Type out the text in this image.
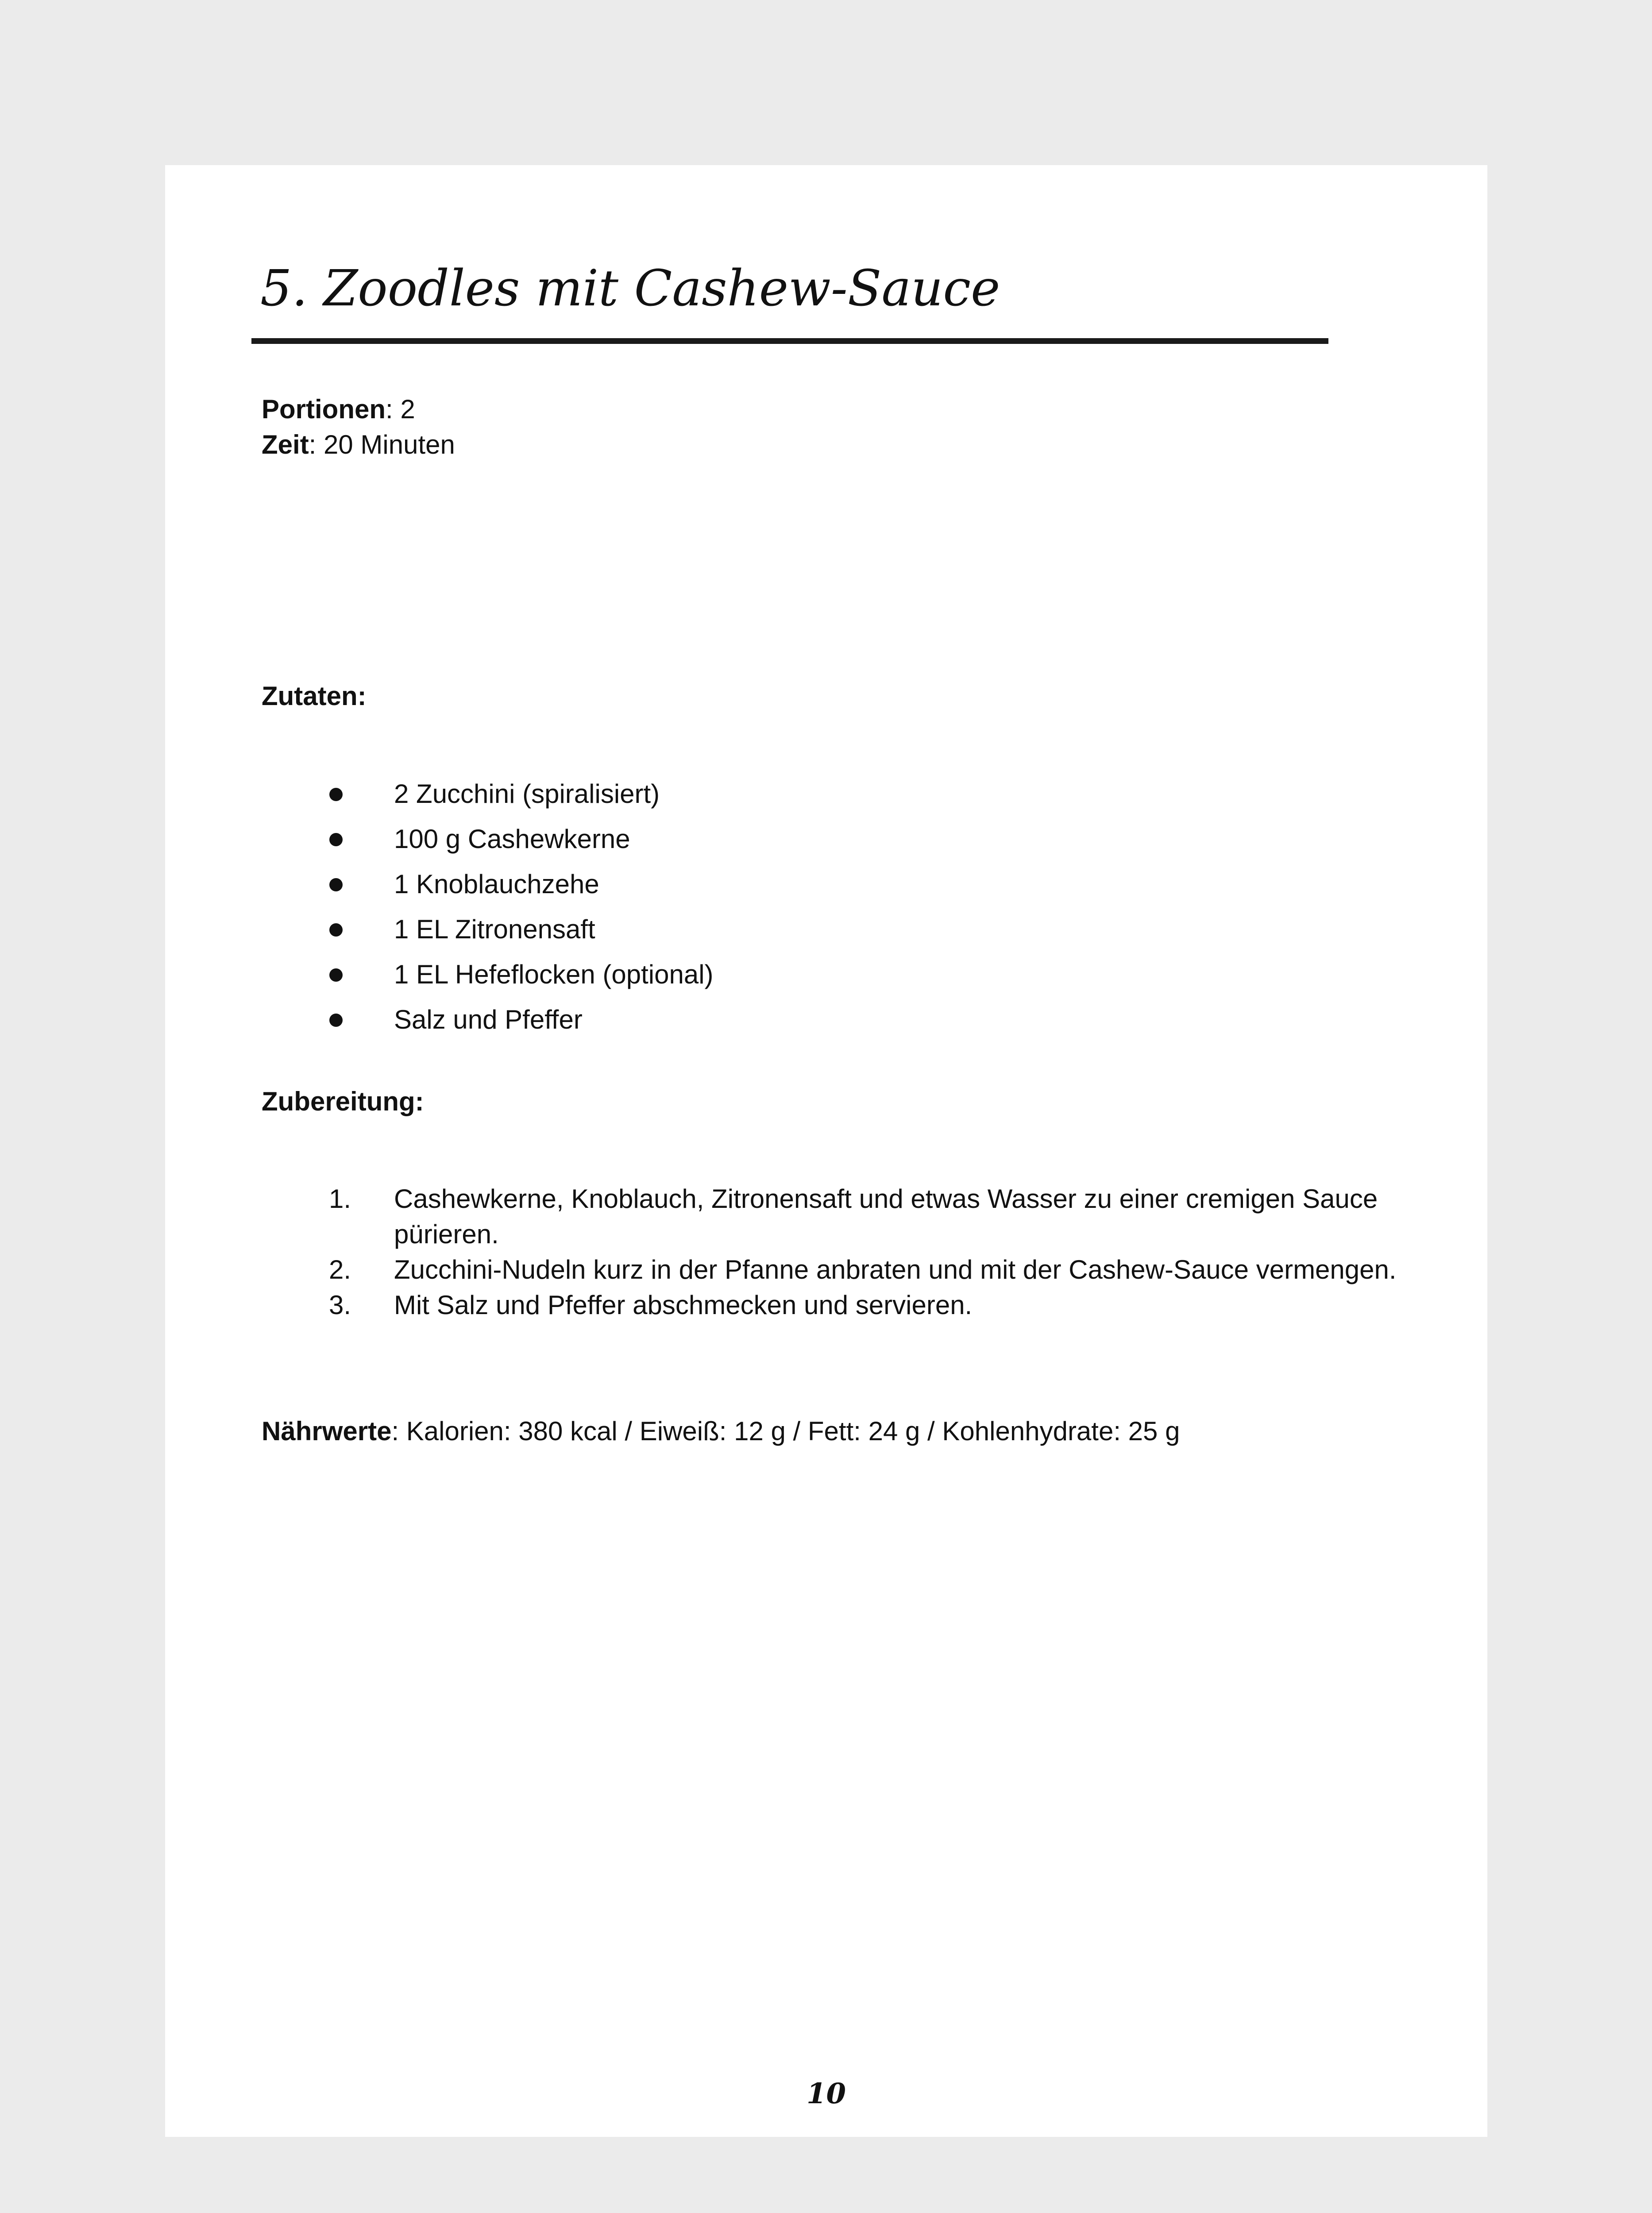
5. Zoodles mit Cashew-Sauce
Portionen: 2
Zeit: 20 Minuten
Zutaten:
2 Zucchini (spiralisiert)
100 g Cashewkerne
1 Knoblauchzehe
1 EL Zitronensaft
1 EL Hefeflocken (optional)
Salz und Pfeffer
Zubereitung:
1. Cashewkerne, Knoblauch, Zitronensaft und etwas Wasser zu einer cremigen Sauce pürieren.
2. Zucchini-Nudeln kurz in der Pfanne anbraten und mit der Cashew-Sauce vermengen.
3. Mit Salz und Pfeffer abschmecken und servieren.
Nährwerte: Kalorien: 380 kcal / Eiweiß: 12 g / Fett: 24 g / Kohlenhydrate: 25 g
10
